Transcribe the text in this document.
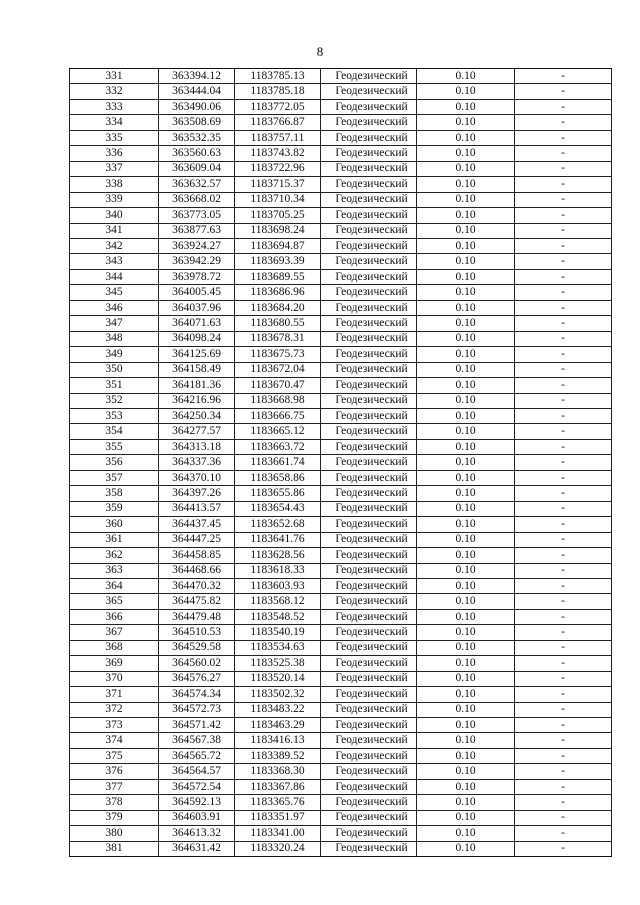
8
331	363394.12	1183785.13	Геодезический	0.10	-
332	363444.04	1183785.18	Геодезический	0.10	-
333	363490.06	1183772.05	Геодезический	0.10	-
334	363508.69	1183766.87	Геодезический	0.10	-
335	363532.35	1183757.11	Геодезический	0.10	-
336	363560.63	1183743.82	Геодезический	0.10	-
337	363609.04	1183722.96	Геодезический	0.10	-
338	363632.57	1183715.37	Геодезический	0.10	-
339	363668.02	1183710.34	Геодезический	0.10	-
340	363773.05	1183705.25	Геодезический	0.10	-
341	363877.63	1183698.24	Геодезический	0.10	-
342	363924.27	1183694.87	Геодезический	0.10	-
343	363942.29	1183693.39	Геодезический	0.10	-
344	363978.72	1183689.55	Геодезический	0.10	-
345	364005.45	1183686.96	Геодезический	0.10	-
346	364037.96	1183684.20	Геодезический	0.10	-
347	364071.63	1183680.55	Геодезический	0.10	-
348	364098.24	1183678.31	Геодезический	0.10	-
349	364125.69	1183675.73	Геодезический	0.10	-
350	364158.49	1183672.04	Геодезический	0.10	-
351	364181.36	1183670.47	Геодезический	0.10	-
352	364216.96	1183668.98	Геодезический	0.10	-
353	364250.34	1183666.75	Геодезический	0.10	-
354	364277.57	1183665.12	Геодезический	0.10	-
355	364313.18	1183663.72	Геодезический	0.10	-
356	364337.36	1183661.74	Геодезический	0.10	-
357	364370.10	1183658.86	Геодезический	0.10	-
358	364397.26	1183655.86	Геодезический	0.10	-
359	364413.57	1183654.43	Геодезический	0.10	-
360	364437.45	1183652.68	Геодезический	0.10	-
361	364447.25	1183641.76	Геодезический	0.10	-
362	364458.85	1183628.56	Геодезический	0.10	-
363	364468.66	1183618.33	Геодезический	0.10	-
364	364470.32	1183603.93	Геодезический	0.10	-
365	364475.82	1183568.12	Геодезический	0.10	-
366	364479.48	1183548.52	Геодезический	0.10	-
367	364510.53	1183540.19	Геодезический	0.10	-
368	364529.58	1183534.63	Геодезический	0.10	-
369	364560.02	1183525.38	Геодезический	0.10	-
370	364576.27	1183520.14	Геодезический	0.10	-
371	364574.34	1183502.32	Геодезический	0.10	-
372	364572.73	1183483.22	Геодезический	0.10	-
373	364571.42	1183463.29	Геодезический	0.10	-
374	364567.38	1183416.13	Геодезический	0.10	-
375	364565.72	1183389.52	Геодезический	0.10	-
376	364564.57	1183368.30	Геодезический	0.10	-
377	364572.54	1183367.86	Геодезический	0.10	-
378	364592.13	1183365.76	Геодезический	0.10	-
379	364603.91	1183351.97	Геодезический	0.10	-
380	364613.32	1183341.00	Геодезический	0.10	-
381	364631.42	1183320.24	Геодезический	0.10	-
